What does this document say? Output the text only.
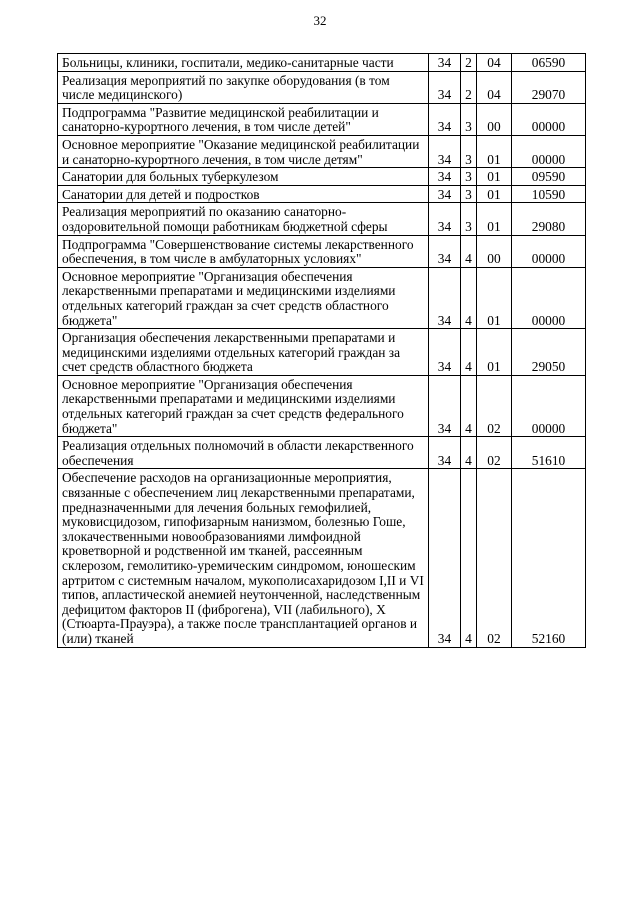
32
Больницы, клиники, госпитали, медико-санитарные части	34	2	04	06590
Реализация мероприятий по закупке оборудования (в том числе медицинского)	34	2	04	29070
Подпрограмма "Развитие медицинской реабилитации и санаторно-курортного лечения, в том числе детей"	34	3	00	00000
Основное мероприятие "Оказание медицинской реабилитации и санаторно-курортного лечения, в том числе детям"	34	3	01	00000
Санатории для больных туберкулезом	34	3	01	09590
Санатории для детей и подростков	34	3	01	10590
Реализация мероприятий по оказанию санаторно-оздоровительной помощи работникам бюджетной сферы	34	3	01	29080
Подпрограмма "Совершенствование системы лекарственного обеспечения, в том числе в амбулаторных условиях"	34	4	00	00000
Основное мероприятие "Организация обеспечения лекарственными препаратами и медицинскими изделиями отдельных категорий граждан за счет средств областного бюджета"	34	4	01	00000
Организация обеспечения лекарственными препаратами и медицинскими изделиями отдельных категорий граждан за счет средств областного бюджета	34	4	01	29050
Основное мероприятие "Организация обеспечения лекарственными препаратами и медицинскими изделиями отдельных категорий граждан за счет средств федерального бюджета"	34	4	02	00000
Реализация отдельных полномочий в области лекарственного обеспечения	34	4	02	51610
Обеспечение расходов на организационные мероприятия, связанные с обеспечением лиц лекарственными препаратами, предназначенными для лечения больных гемофилией, муковисцидозом, гипофизарным нанизмом, болезнью Гоше, злокачественными новообразованиями лимфоидной кроветворной и родственной им тканей, рассеянным склерозом, гемолитико-уремическим синдромом, юношеским артритом с системным началом, мукополисахаридозом I,II и VI типов, апластической анемией неутонченной, наследственным дефицитом факторов II (фиброгена), VII (лабильного), X (Стюарта-Прауэра), а также после трансплантацией органов и (или) тканей	34	4	02	52160
